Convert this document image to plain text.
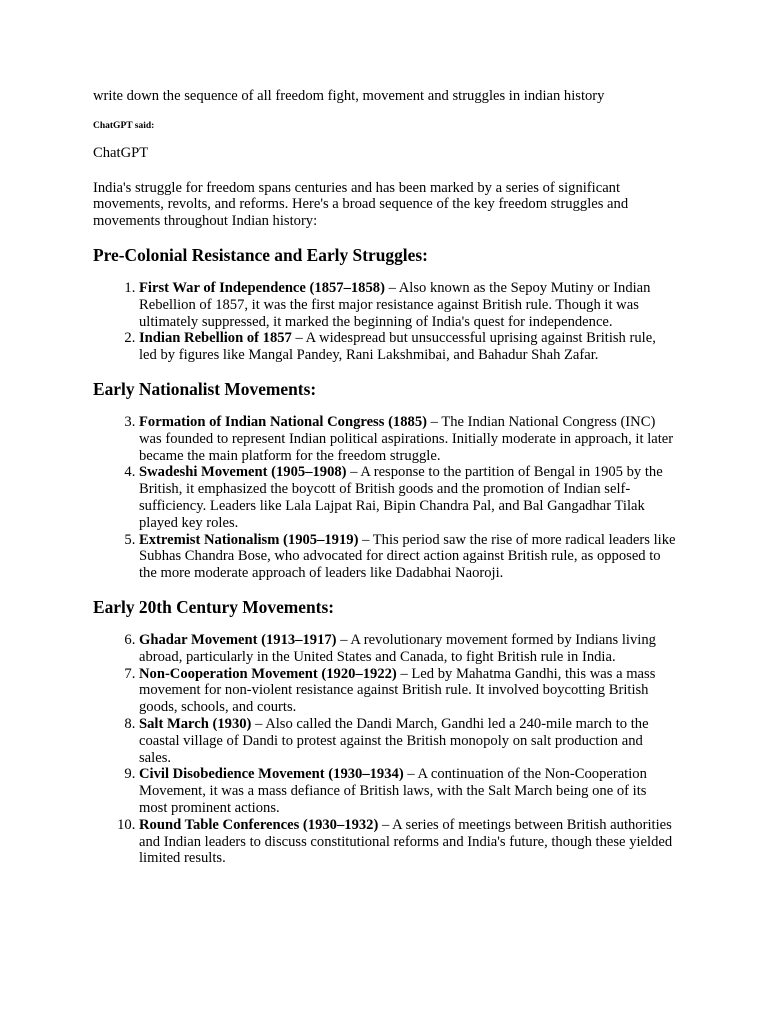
write down the sequence of all freedom fight, movement and struggles in indian history

ChatGPT said:

ChatGPT

India's struggle for freedom spans centuries and has been marked by a series of significant movements, revolts, and reforms. Here's a broad sequence of the key freedom struggles and movements throughout Indian history:

Pre-Colonial Resistance and Early Struggles:
1. First War of Independence (1857–1858) – Also known as the Sepoy Mutiny or Indian Rebellion of 1857, it was the first major resistance against British rule. Though it was ultimately suppressed, it marked the beginning of India's quest for independence.
2. Indian Rebellion of 1857 – A widespread but unsuccessful uprising against British rule, led by figures like Mangal Pandey, Rani Lakshmibai, and Bahadur Shah Zafar.
Early Nationalist Movements:
3. Formation of Indian National Congress (1885) – The Indian National Congress (INC) was founded to represent Indian political aspirations. Initially moderate in approach, it later became the main platform for the freedom struggle.
4. Swadeshi Movement (1905–1908) – A response to the partition of Bengal in 1905 by the British, it emphasized the boycott of British goods and the promotion of Indian self-sufficiency. Leaders like Lala Lajpat Rai, Bipin Chandra Pal, and Bal Gangadhar Tilak played key roles.
5. Extremist Nationalism (1905–1919) – This period saw the rise of more radical leaders like Subhas Chandra Bose, who advocated for direct action against British rule, as opposed to the more moderate approach of leaders like Dadabhai Naoroji.
Early 20th Century Movements:
6. Ghadar Movement (1913–1917) – A revolutionary movement formed by Indians living abroad, particularly in the United States and Canada, to fight British rule in India.
7. Non-Cooperation Movement (1920–1922) – Led by Mahatma Gandhi, this was a mass movement for non-violent resistance against British rule. It involved boycotting British goods, schools, and courts.
8. Salt March (1930) – Also called the Dandi March, Gandhi led a 240-mile march to the coastal village of Dandi to protest against the British monopoly on salt production and sales.
9. Civil Disobedience Movement (1930–1934) – A continuation of the Non-Cooperation Movement, it was a mass defiance of British laws, with the Salt March being one of its most prominent actions.
10. Round Table Conferences (1930–1932) – A series of meetings between British authorities and Indian leaders to discuss constitutional reforms and India's future, though these yielded limited results.
